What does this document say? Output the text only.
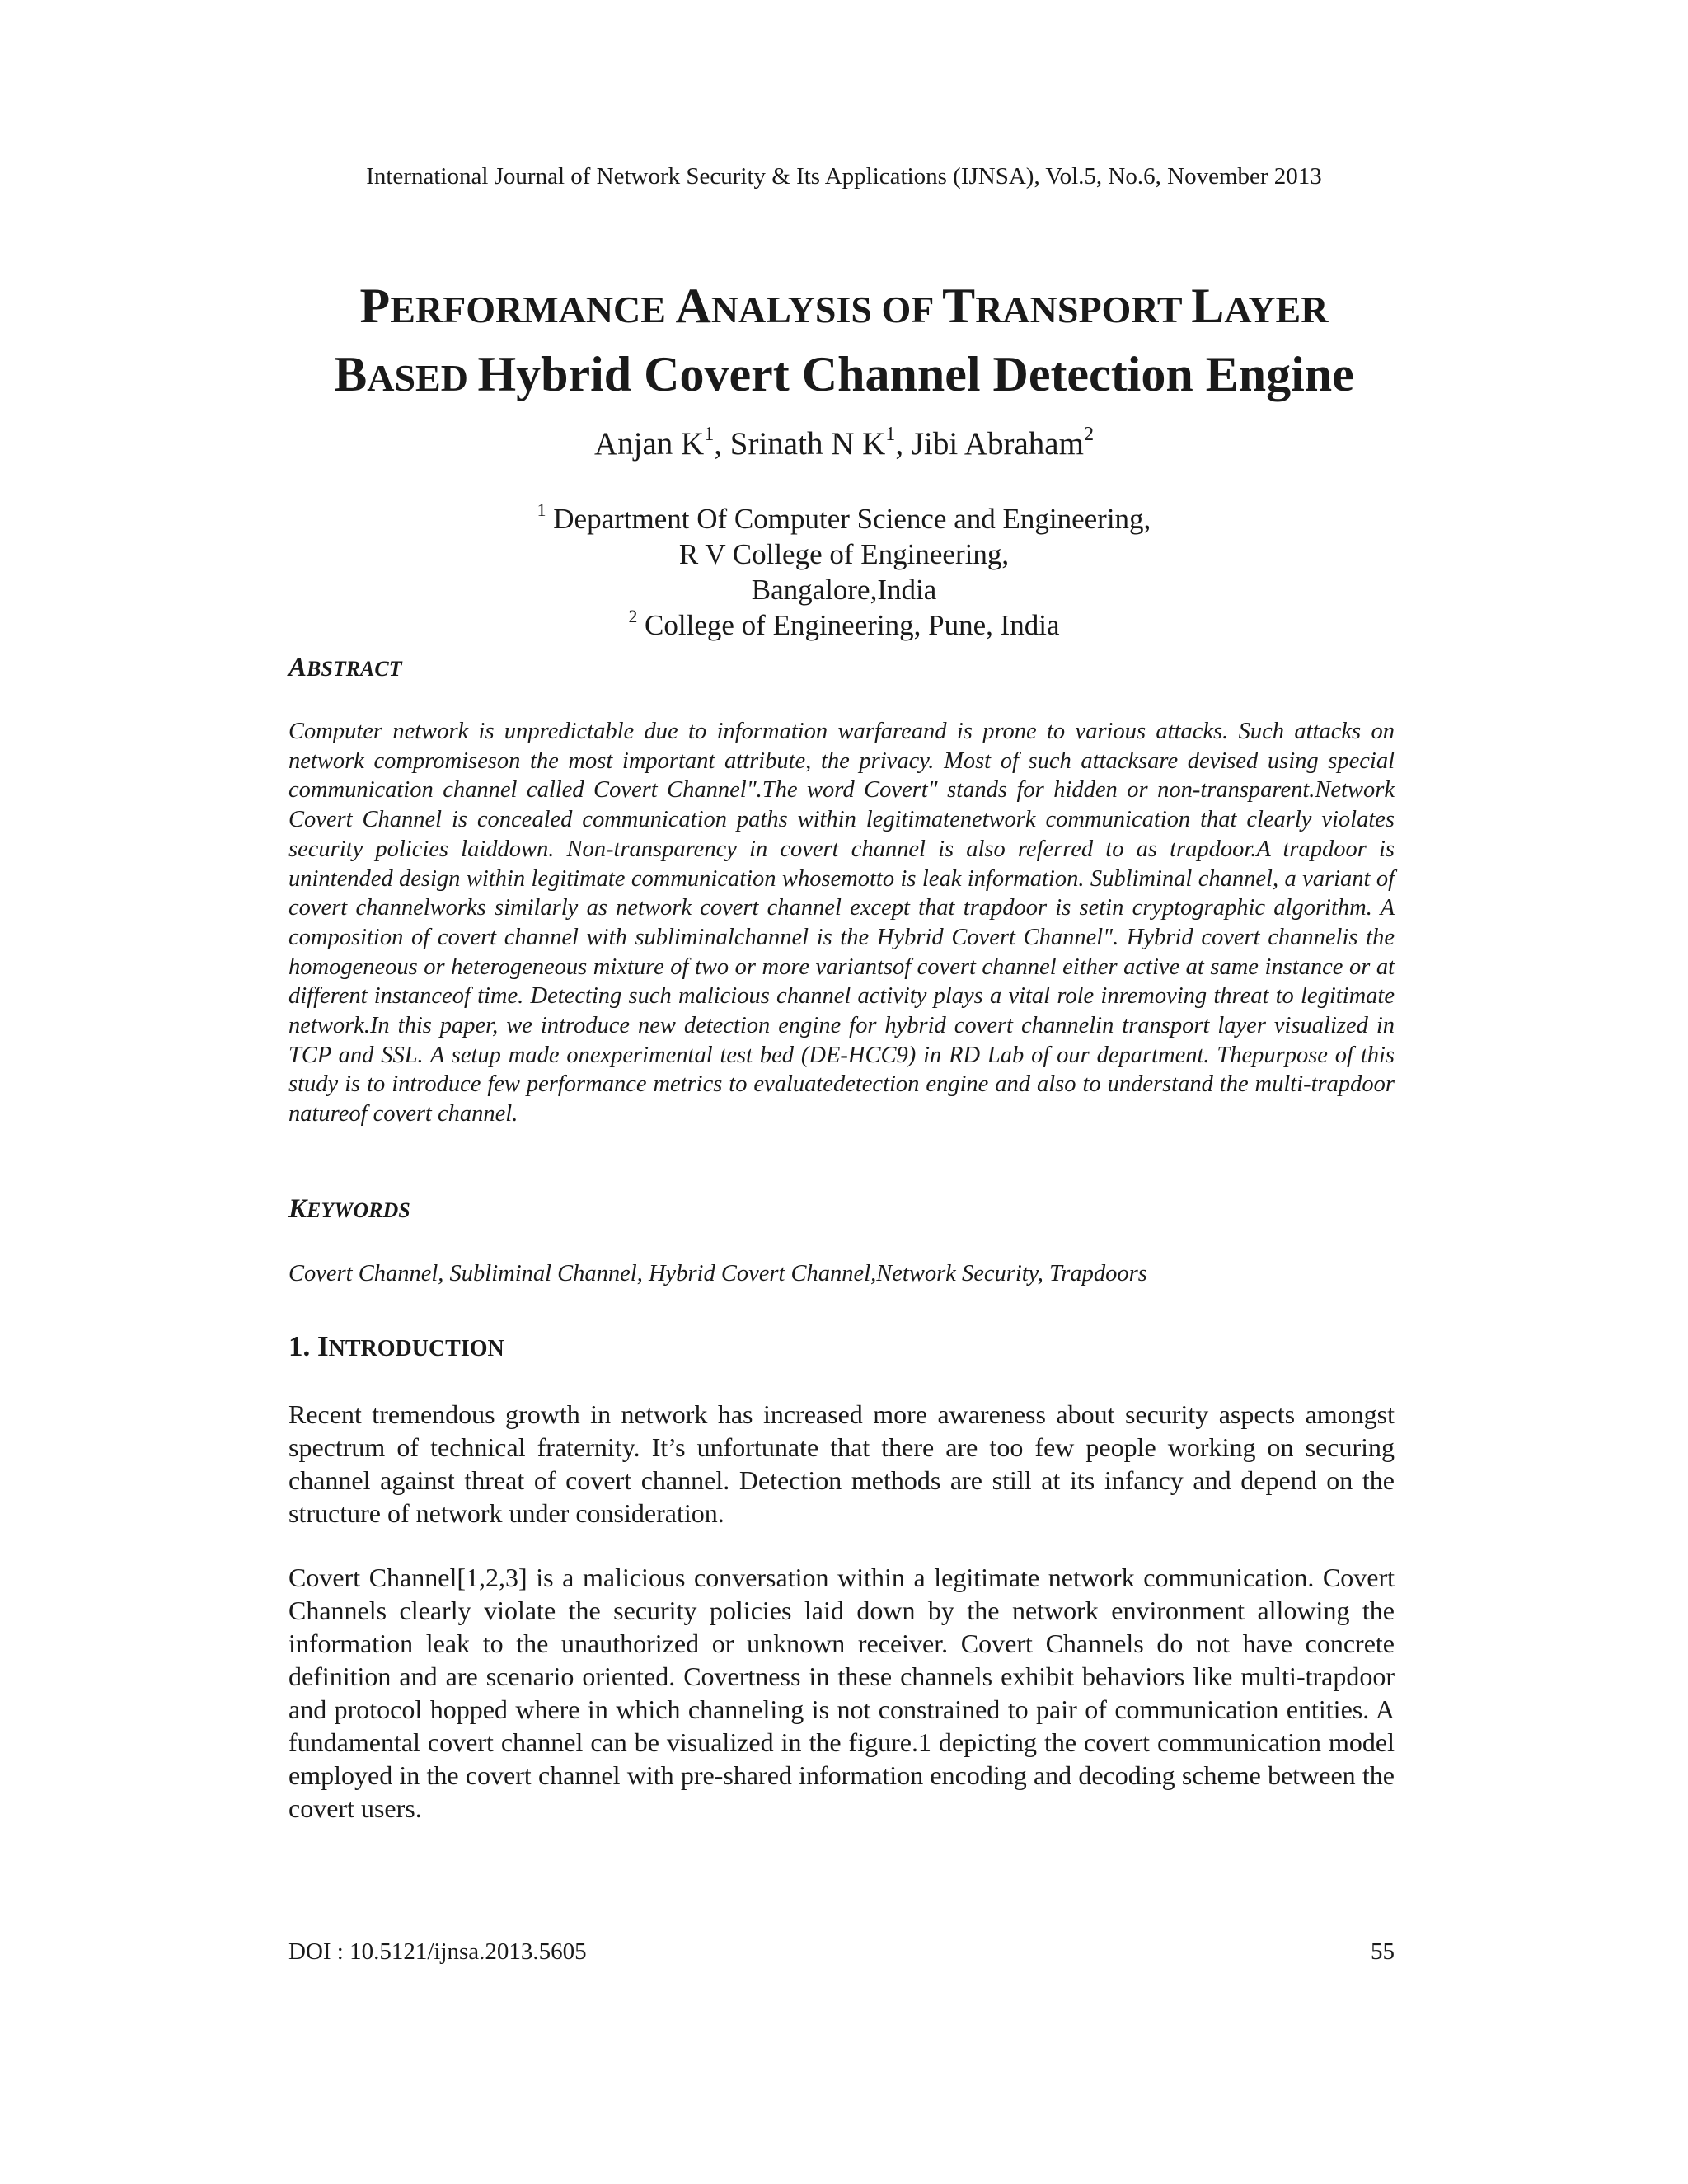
International Journal of Network Security & Its Applications (IJNSA), Vol.5, No.6, November 2013
PERFORMANCE ANALYSIS OF TRANSPORT LAYER
BASED Hybrid Covert Channel Detection Engine
Anjan $K^1$, Srinath N $K^1$, Jibi Abraham$^2$
$^1$ Department Of Computer Science and Engineering,
R V College of Engineering,
Bangalore,India
$^2$ College of Engineering, Pune, India
ABSTRACT
Computer network is unpredictable due to information warfareand is prone to various attacks. Such attacks on network compromiseson the most important attribute, the privacy. Most of such attacksare devised using special communication channel called Covert Channel".The word Covert" stands for hidden or non-transparent.Network Covert Channel is concealed communication paths within legitimatenetwork communication that clearly violates security policies laiddown. Non-transparency in covert channel is also referred to as trapdoor.A trapdoor is unintended design within legitimate communication whosemotto is leak information. Subliminal channel, a variant of covert channelworks similarly as network covert channel except that trapdoor is setin cryptographic algorithm. A composition of covert channel with subliminalchannel is the Hybrid Covert Channel". Hybrid covert channelis the homogeneous or heterogeneous mixture of two or more variantsof covert channel either active at same instance or at different instanceof time. Detecting such malicious channel activity plays a vital role inremoving threat to legitimate network.In this paper, we introduce new detection engine for hybrid covert channelin transport layer visualized in TCP and SSL. A setup made onexperimental test bed (DE-HCC9) in RD Lab of our department. Thepurpose of this study is to introduce few performance metrics to evaluatedetection engine and also to understand the multi-trapdoor natureof covert channel.
KEYWORDS
Covert Channel, Subliminal Channel, Hybrid Covert Channel,Network Security, Trapdoors
1. INTRODUCTION
Recent tremendous growth in network has increased more awareness about security aspects amongst spectrum of technical fraternity. It’s unfortunate that there are too few people working on securing channel against threat of covert channel. Detection methods are still at its infancy and depend on the structure of network under consideration.
Covert Channel[1,2,3] is a malicious conversation within a legitimate network communication. Covert Channels clearly violate the security policies laid down by the network environment allowing the information leak to the unauthorized or unknown receiver. Covert Channels do not have concrete definition and are scenario oriented. Covertness in these channels exhibit behaviors like multi-trapdoor and protocol hopped where in which channeling is not constrained to pair of communication entities. A fundamental covert channel can be visualized in the figure.1 depicting the covert communication model employed in the covert channel with pre-shared information encoding and decoding scheme between the covert users.
DOI : 10.5121/ijnsa.2013.5605	55
